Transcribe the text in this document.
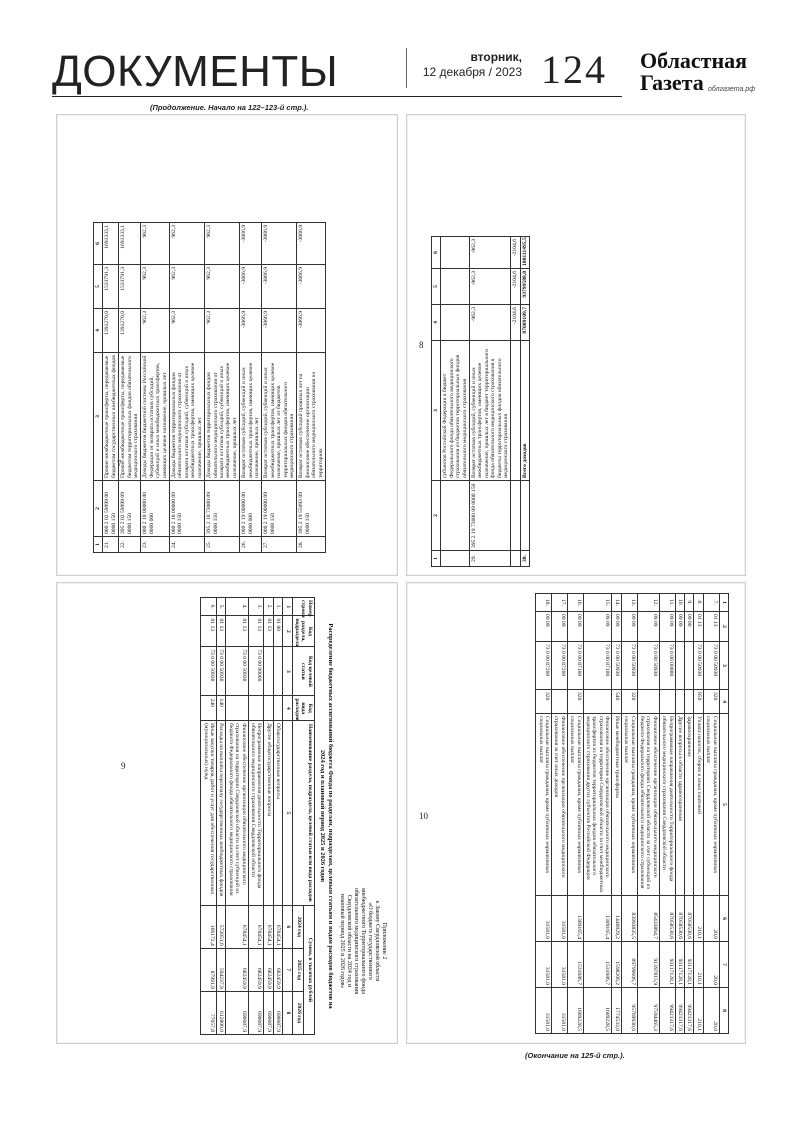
ДОКУМЕНТЫ	вторник,
12 декабря / 2023 124	Областная
Газета облгазета.рф
(Продолжение. Начало на 122–123-й стр.).
7
1	2	3	4	5	6
21.	000 2 02 59999 00 0000 150	Прочие межбюджетные трансферты, передаваемые бюджетам государственных внебюджетных фондов	1391270,0	1533791,3	1691333,1
22.	395 2 02 59999 09 0000 150	Прочие межбюджетные трансферты, передаваемые бюджетам территориальных фондов обязательного медицинского страхования	1391270,0	1533791,3	1691333,1
23.	000 2 18 00000 00 0000 000	Доходы бюджетов бюджетной системы Российской Федерации от возврата остатков субсидий, субвенций и иных межбюджетных трансфертов, имеющих целевое назначение, прошлых лет	962,3	962,3	962,3
24.	000 2 18 00000 09 0000 150	Доходы бюджетов территориальных фондов обязательного медицинского страхования от возврата остатков субсидий, субвенций и иных межбюджетных трансфертов, имеющих целевое назначение, прошлых лет	962,3	962,3	962,3
25.	395 2 18 73000 09 0000 150	Доходы бюджетов территориальных фондов обязательного медицинского страхования от возврата остатков субсидий, субвенций и иных межбюджетных трансфертов, имеющих целевое назначение, прошлых лет	962,3	962,3	962,3
26.	000 2 19 00000 00 0000 000	Возврат остатков субсидий, субвенций и иных межбюджетных трансфертов, имеющих целевое назначение, прошлых лет	-3066,9	-3066,9	-3066,9
27.	000 2 19 00000 09 0000 150	Возврат остатков субсидий, субвенций и иных межбюджетных трансфертов, имеющих целевое назначение, прошлых лет из бюджетов территориальных фондов обязательного медицинского страхования	-3066,9	-3066,9	-3066,9
28.	395 2 19 55093 09 0000 150	Возврат остатков субсидий прошлых лет на финансовое обеспечение организации обязательного медицинского страхования на территориях	-3066,9	-3066,9	-3066,9
8
1	2	3	4	5	6
		субъектов Российской Федерации в бюджет Федерального фонда обязательного медицинского страхования из бюджетов территориальных фондов обязательного медицинского страхования			
29.	395 2 19 73000 09 0000 150	Возврат остатков субсидий, субвенций и иных межбюджетных трансфертов, имеющих целевое назначение, прошлых лет в бюджет территориального фонда обязательного медицинского страхования в бюджеты территориальных фондов обязательного медицинского страхования	-962,3	-962,3	-962,3
			-2104,6	-2104,6	-2104,6
30.		Всего доходов	87609109,7	93799588,0	100111495,5
9
Приложение 2
к Закону Свердловской области
«О бюджете государственного
внебюджетного Территориального фонда
обязательного медицинского страхования
Свердловской области на 2024 год и
плановый период 2025 и 2026 годов»
Распределение бюджетных ассигнований бюджета Фонда по разделам, подразделам, целевым статьям и видам расходов бюджетов на 2024 год и плановый период 2025 и 2026 годов
Номер строки	Код раздела, подраздела	Код целевой статьи	Код вида расходов	Наименование раздела, подраздела, целевой статьи или вида расходов	Сумма, в тысячах рублей		
					2024 год	2025 год	2026 год
1	2	3	4	5	6	7	8
1.	01 00			Общегосударственные вопросы	678454,1	682459,9	690087,9
2.	01 13			Другие общегосударственные вопросы	678454,1	682459,9	690087,9
3.	01 13	73 0 00 00000		Непрограммные направления деятельности Территориального фонда обязательного медицинского страхования Свердловской области	678454,1	682459,9	690087,9
4.	01 13	73 0 00 50930		Финансовое обеспечение организации обязательного медицинского страхования на территории Свердловской области за счет субвенций из бюджета Федерального фонда обязательного медицинского страхования	678454,1	682459,9	690087,9
5.	01 13	73 0 00 50930	140	Расходы на выплаты персоналу государственных внебюджетных фондов	572051,6	594237,9	612800,0
6.	01 13	73 0 00 50930	240	Иные закупки товаров, работ и услуг для обеспечения государственных (муниципальных) нужд	106172,4	87991,9	77057,8
10
1	2	3	4	5	6	7	8
7.	01 13	73 0 00 50930	320	Социальные выплаты гражданам, кроме публичных нормативных социальных выплат	20,0	20,0	20,0
8.	01 13	73 0 00 50930	850	Уплата налогов, сборов и иных платежей	210,1	210,1	210,1
9.	09 00			Здравоохранение	87058530,6	93117128,1	99421317,6
10.	09 09			Другие вопросы в области здравоохранения	87058530,6	93117128,1	99421317,6
11.	09 09	73 0 00 00000		Непрограммные направления деятельности Территориального фонда обязательного медицинского страхования Свердловской области	87058530,6	93117128,1	99421317,6
12.	09 09	73 0 00 50930		Финансовое обеспечение организации обязательного медицинского страхования на территориях Свердловской области за счет субвенций из бюджета Федерального фонда обязательного медицинского страхования	85433864,7	91397815,9	97594465,3
13.	09 09	73 0 00 50930	320	Социальные выплаты гражданам, кроме публичных нормативных социальных выплат	83993835,5	89799606,7	95769930,6
14.	09 09	73 0 00 50930	540	Иные межбюджетные трансферты	1440029,2	1598206,2	1774533,0
15.	09 09	73 0 00 87100		Финансовое обеспечение организации обязательного медицинского страхования на территории Свердловской области за счет межбюджетных трансфертов из бюджетов территориальных фондов обязательного медицинского страхования других субъектов Российской Федерации	1389165,4	1531686,7	1689228,5
16.	09 09	73 0 00 87100	320	Социальные выплаты гражданам, кроме публичных нормативных социальных выплат	1389165,4	1531686,7	1689228,5
17.	09 09	73 0 00 87200		Финансовое обеспечение организации обязательного медицинского страхования за счет иных доходов	31581,0	31581,0	31581,0
18.	09 09	73 0 00 87200	320	Социальные выплаты гражданам, кроме публичных нормативных социальных выплат	31581,0	31581,0	31581,0
(Окончание на 125-й стр.).
